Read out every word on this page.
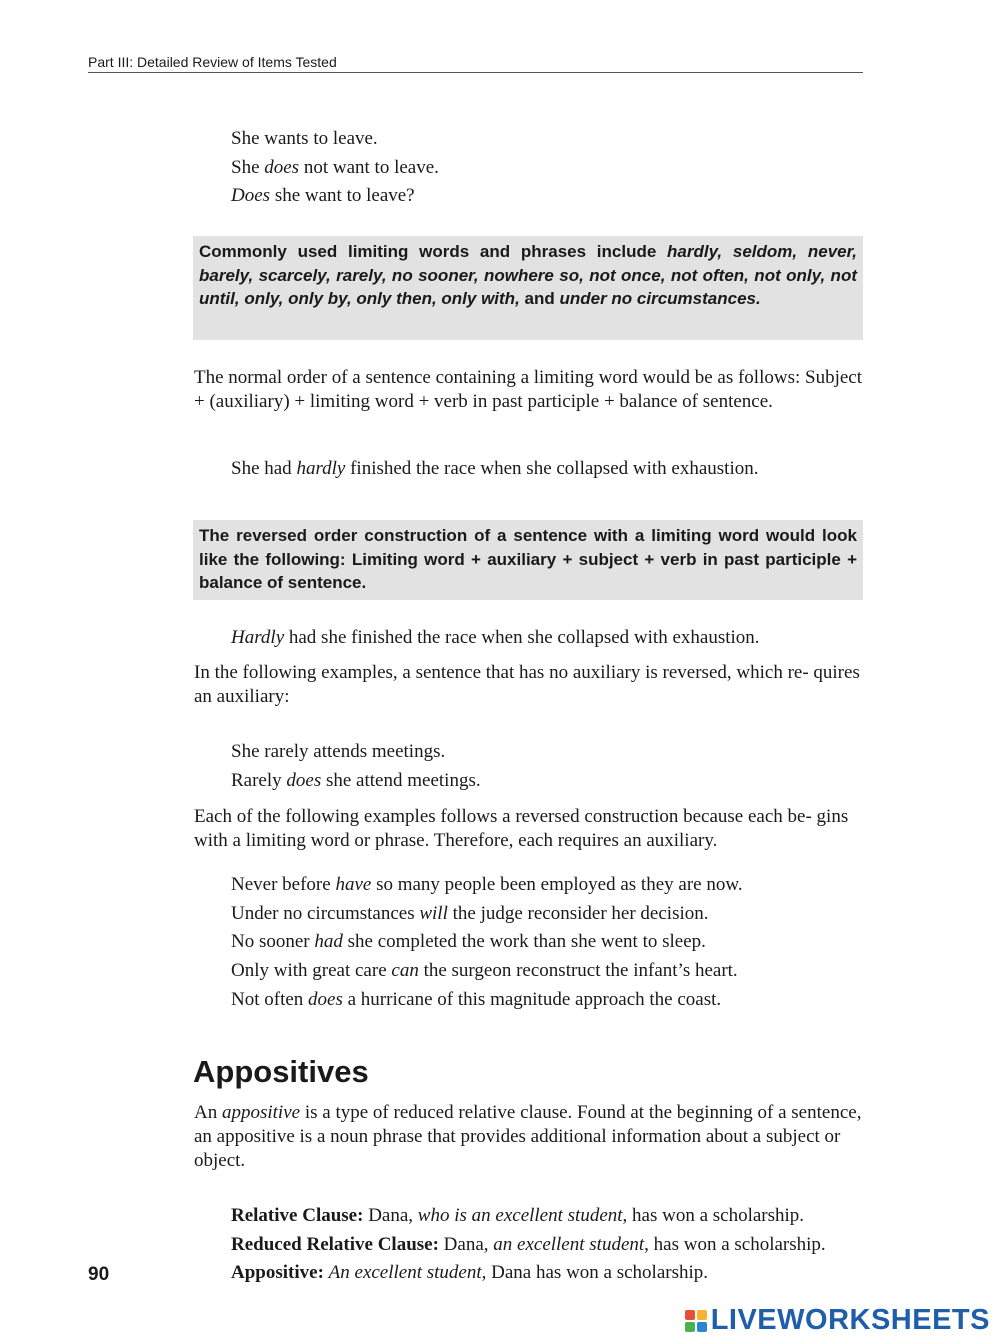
Part III: Detailed Review of Items Tested
She wants to leave.
She does not want to leave.
Does she want to leave?
Commonly used limiting words and phrases include hardly, seldom, never, barely, scarcely, rarely, no sooner, nowhere so, not once, not often, not only, not until, only, only by, only then, only with, and under no circumstances.
The normal order of a sentence containing a limiting word would be as follows: Subject + (auxiliary) + limiting word + verb in past participle + balance of sentence.
She had hardly finished the race when she collapsed with exhaustion.
The reversed order construction of a sentence with a limiting word would look like the following: Limiting word + auxiliary + subject + verb in past participle + balance of sentence.
Hardly had she finished the race when she collapsed with exhaustion.
In the following examples, a sentence that has no auxiliary is reversed, which re- quires an auxiliary:
She rarely attends meetings.
Rarely does she attend meetings.
Each of the following examples follows a reversed construction because each be- gins with a limiting word or phrase. Therefore, each requires an auxiliary.
Never before have so many people been employed as they are now.
Under no circumstances will the judge reconsider her decision.
No sooner had she completed the work than she went to sleep.
Only with great care can the surgeon reconstruct the infant’s heart.
Not often does a hurricane of this magnitude approach the coast.
Appositives
An appositive is a type of reduced relative clause. Found at the beginning of a sentence, an appositive is a noun phrase that provides additional information about a subject or object.
Relative Clause: Dana, who is an excellent student, has won a scholarship.
Reduced Relative Clause: Dana, an excellent student, has won a scholarship.
Appositive: An excellent student, Dana has won a scholarship.
90
LIVEWORKSHEETS
